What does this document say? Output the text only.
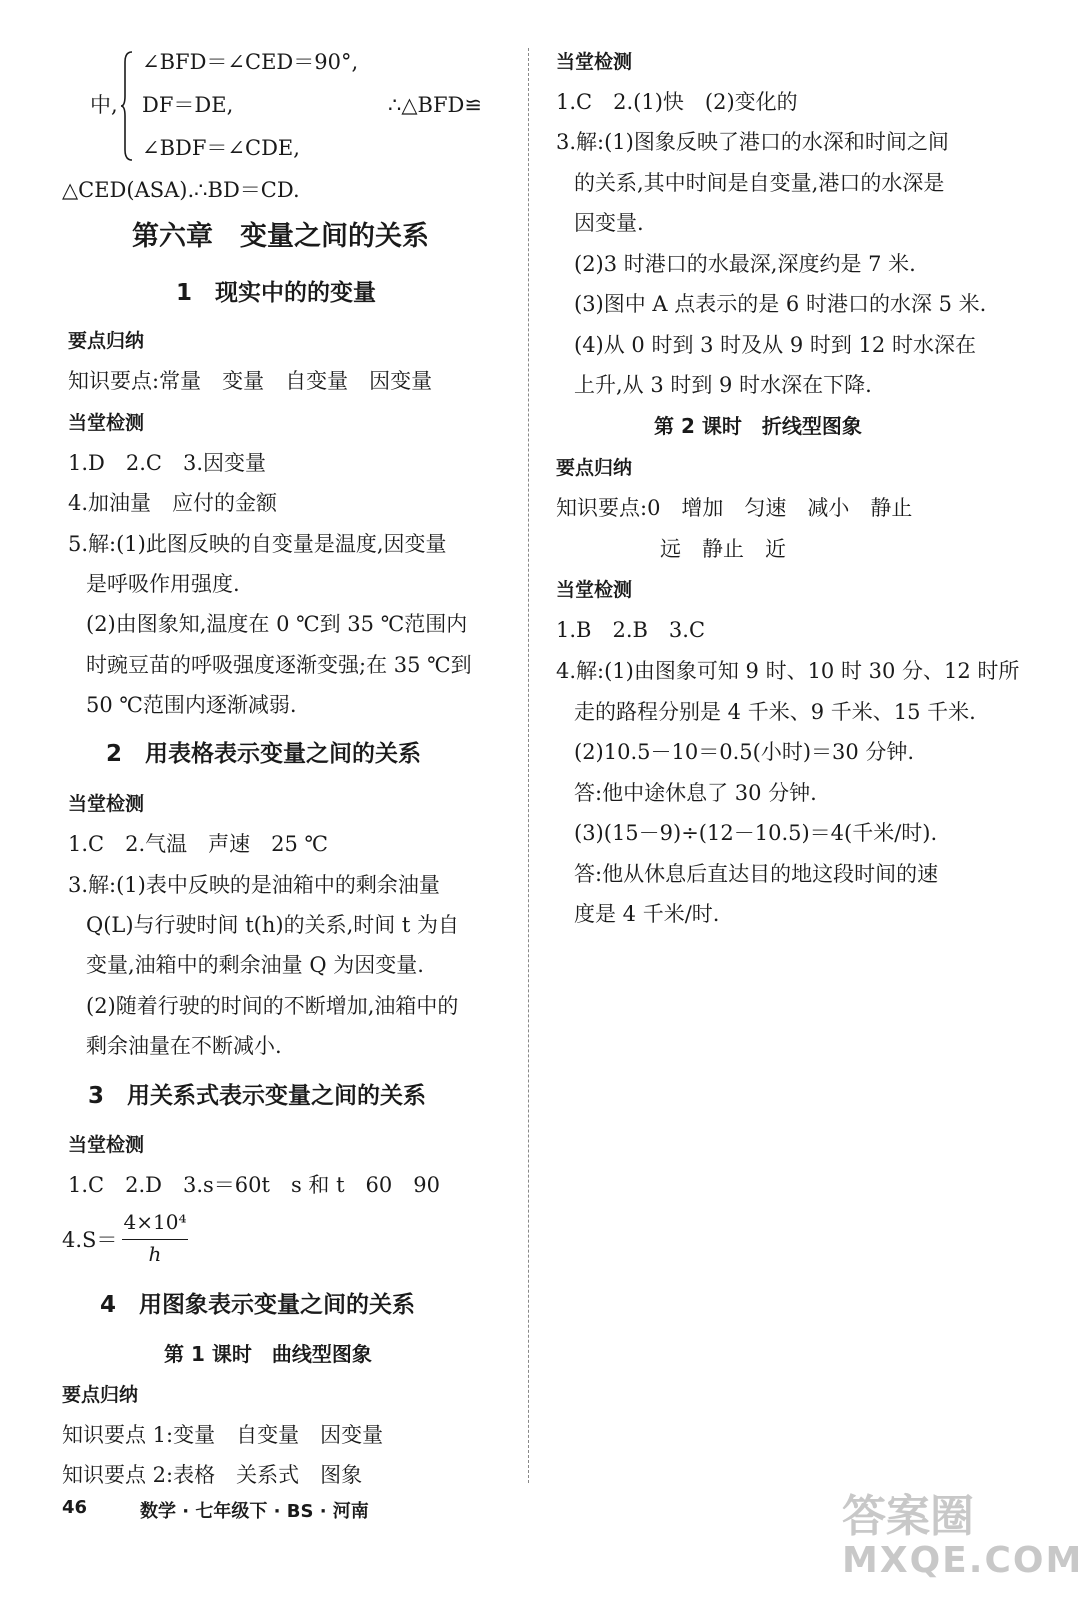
∠BFD＝∠CED＝90°,
中, DF＝DE,	∴△BFD≌
∠BDF＝∠CDE,
△CED(ASA).∴BD＝CD.
第六章　变量之间的关系
1　现实中的的变量
要点归纳
知识要点:常量　变量　自变量　因变量
当堂检测
1.D　2.C　3.因变量
4.加油量　应付的金额
5.解:(1)此图反映的自变量是温度,因变量
是呼吸作用强度.
(2)由图象知,温度在 0 ℃到 35 ℃范围内
时豌豆苗的呼吸强度逐渐变强;在 35 ℃到
50 ℃范围内逐渐减弱.
2　用表格表示变量之间的关系
当堂检测
1.C　2.气温　声速　25 ℃
3.解:(1)表中反映的是油箱中的剩余油量
Q(L)与行驶时间 t(h)的关系,时间 t 为自
变量,油箱中的剩余油量 Q 为因变量.
(2)随着行驶的时间的不断增加,油箱中的
剩余油量在不断减小.
3　用关系式表示变量之间的关系
当堂检测
1.C　2.D　3.s＝60t　s 和 t　60　90
4.S＝
4×10⁴
h
4　用图象表示变量之间的关系
第 1 课时　曲线型图象
要点归纳
知识要点 1:变量　自变量　因变量
知识要点 2:表格　关系式　图象
当堂检测
1.C　2.(1)快　(2)变化的
3.解:(1)图象反映了港口的水深和时间之间
的关系,其中时间是自变量,港口的水深是
因变量.
(2)3 时港口的水最深,深度约是 7 米.
(3)图中 A 点表示的是 6 时港口的水深 5 米.
(4)从 0 时到 3 时及从 9 时到 12 时水深在
上升,从 3 时到 9 时水深在下降.
第 2 课时　折线型图象
要点归纳
知识要点:0　增加　匀速　减小　静止
远　静止　近
当堂检测
1.B　2.B　3.C
4.解:(1)由图象可知 9 时、10 时 30 分、12 时所
走的路程分别是 4 千米、9 千米、15 千米.
(2)10.5－10＝0.5(小时)＝30 分钟.
答:他中途休息了 30 分钟.
(3)(15－9)÷(12－10.5)＝4(千米/时).
答:他从休息后直达目的地这段时间的速
度是 4 千米/时.
46	数学 · 七年级下 · BS · 河南	答案圈
MXQE.COM
